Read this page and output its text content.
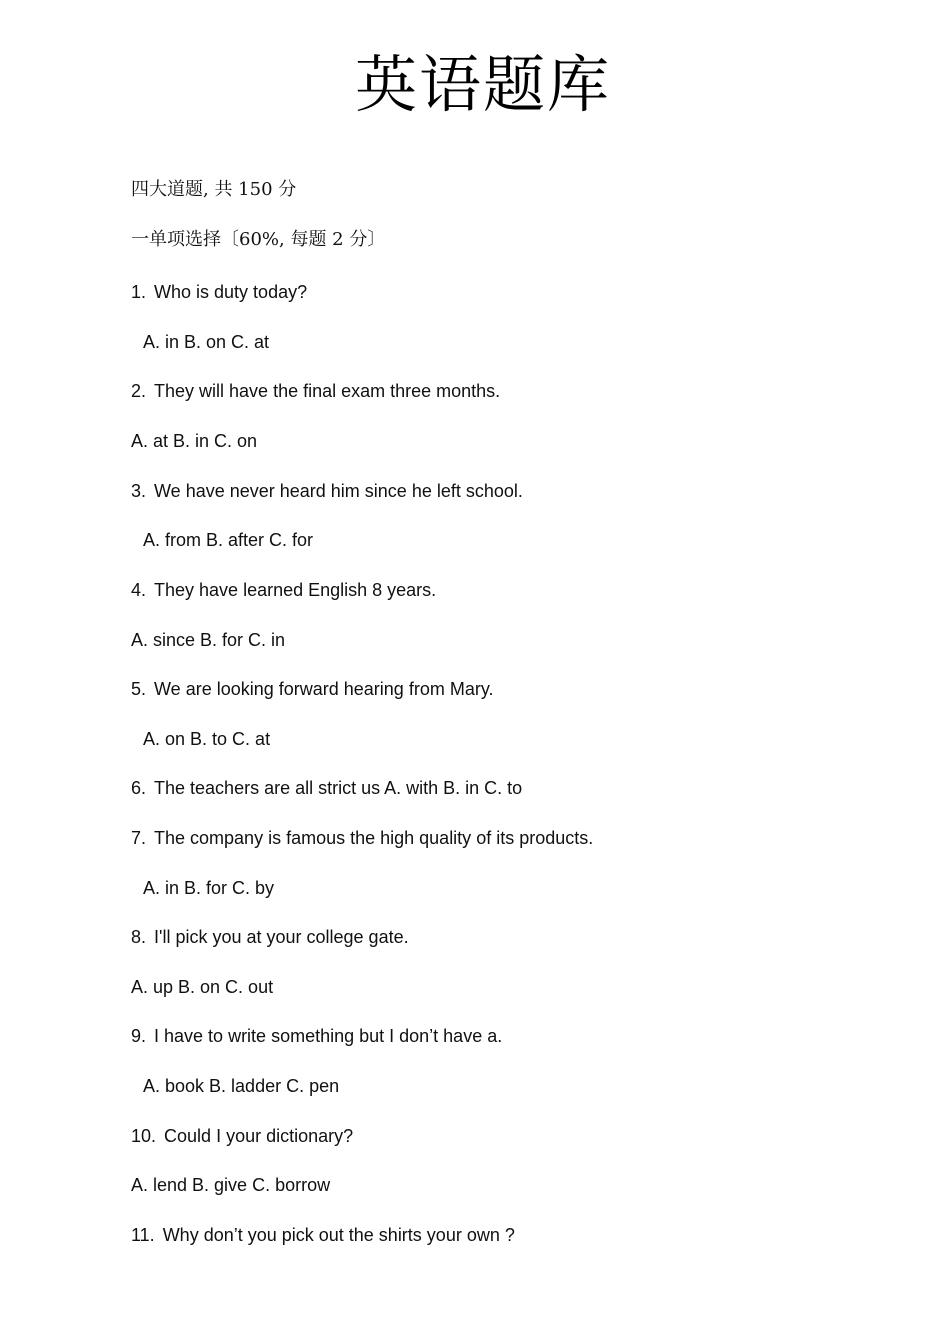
英语题库
四大道题, 共 150 分
一单项选择〔60%, 每题 2 分〕
1. Who is duty today?
A. in B. on C. at
2. They will have the final exam three months.
A. at B. in C. on
3. We have never heard him since he left school.
A. from B. after C. for
4. They have learned English 8 years.
A. since B. for C. in
5. We are looking forward hearing from Mary.
A. on B. to C. at
6. The teachers are all strict us A. with B. in C. to
7. The company is famous the high quality of its products.
A. in B. for C. by
8. I'll pick you at your college gate.
A. up B. on C. out
9. I have to write something but I don’t have a.
A. book B. ladder C. pen
10. Could I your dictionary?
A. lend B. give C. borrow
11. Why don’t you pick out the shirts your own ?
